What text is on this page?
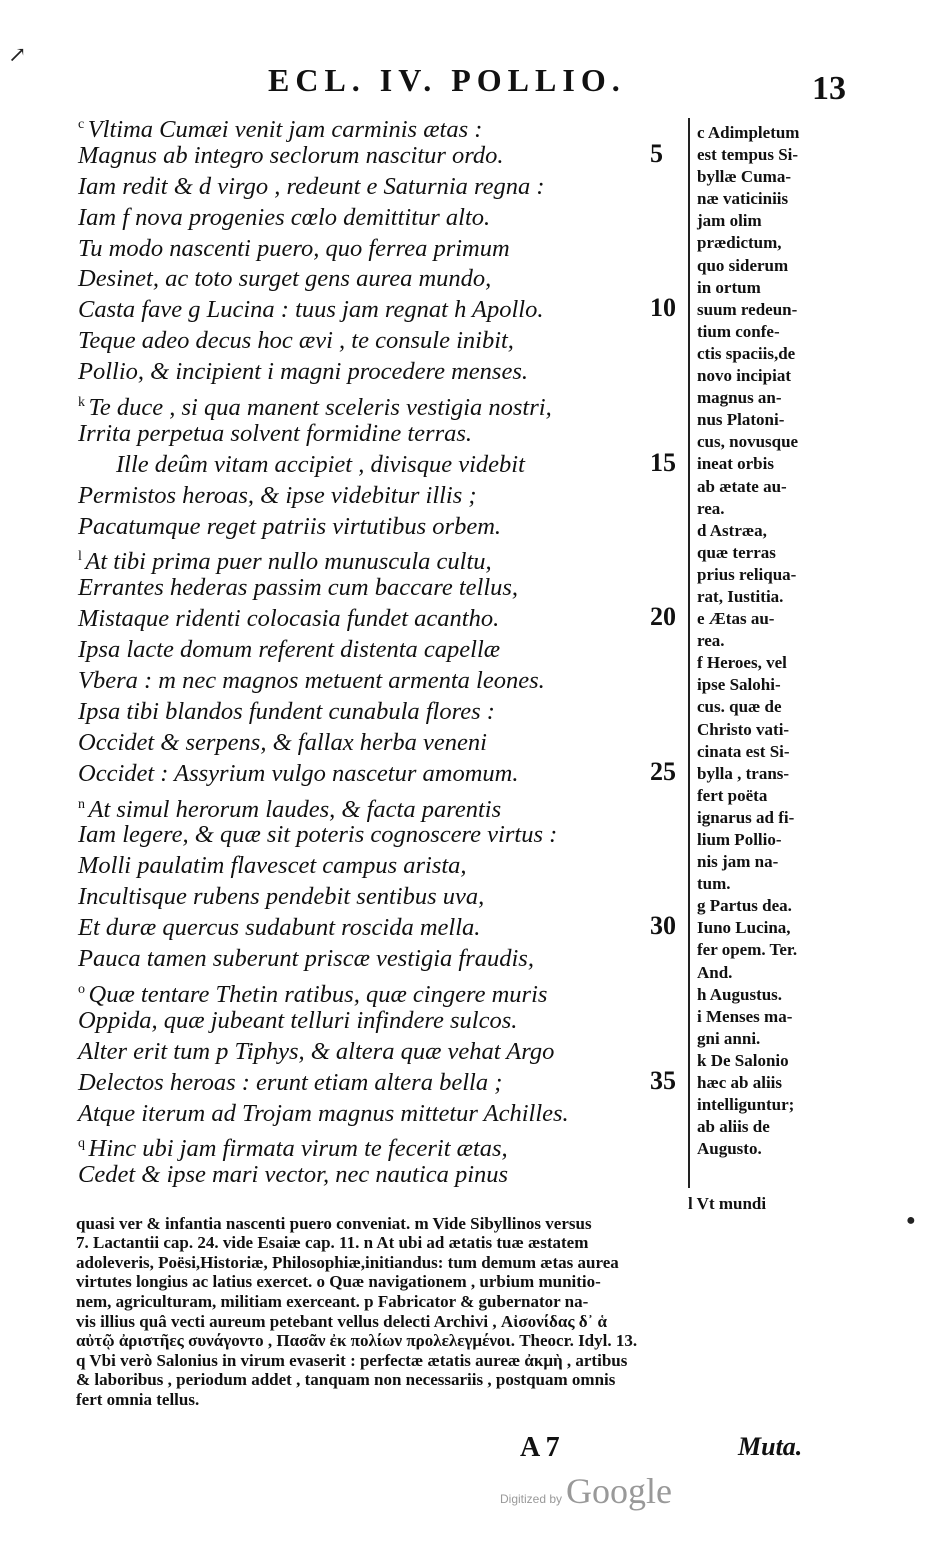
ECL. IV. POLLIO.	13
$^c$ Vltima Cumæi venit jam carminis ætas :
Magnus ab integro seclorum nascitur ordo.
Iam redit & d virgo , redeunt e Saturnia regna :
Iam f nova progenies cœlo demittitur alto.
Tu modo nascenti puero, quo ferrea primum
Desinet, ac toto surget gens aurea mundo,
Casta fave g Lucina : tuus jam regnat h Apollo.
Teque adeo decus hoc ævi , te consule inibit,
Pollio, & incipient i magni procedere menses.
$^k$ Te duce , si qua manent sceleris vestigia nostri,
Irrita perpetua solvent formidine terras.
Ille deûm vitam accipiet , divisque videbit
Permistos heroas, & ipse videbitur illis ;
Pacatumque reget patriis virtutibus orbem.
$^l$ At tibi prima puer nullo munuscula cultu,
Errantes hederas passim cum baccare tellus,
Mistaque ridenti colocasia fundet acantho.
Ipsa lacte domum referent distenta capellæ
Vbera : m nec magnos metuent armenta leones.
Ipsa tibi blandos fundent cunabula flores :
Occidet & serpens, & fallax herba veneni
Occidet : Assyrium vulgo nascetur amomum.
$^n$ At simul herorum laudes, & facta parentis
Iam legere, & quæ sit poteris cognoscere virtus :
Molli paulatim flavescet campus arista,
Incultisque rubens pendebit sentibus uva,
Et duræ quercus sudabunt roscida mella.
Pauca tamen suberunt priscæ vestigia fraudis,
$^o$ Quæ tentare Thetin ratibus, quæ cingere muris
Oppida, quæ jubeant telluri infindere sulcos.
Alter erit tum p Tiphys, & altera quæ vehat Argo
Delectos heroas : erunt etiam altera bella ;
Atque iterum ad Trojam magnus mittetur Achilles.
$^q$ Hinc ubi jam firmata virum te fecerit ætas,
Cedet & ipse mari vector, nec nautica pinus
5
10
15
20
25
30
35
c Adimpletum
est tempus Si-
byllæ Cuma-
næ vaticiniis
jam olim
prædictum,
quo siderum
in ortum
suum redeun-
tium confe-
ctis spaciis,de
novo incipiat
magnus an-
nus Platoni-
cus, novusque
ineat orbis
ab ætate au-
rea.
d Astræa,
quæ terras
prius reliqua-
rat, Iustitia.
e Ætas au-
rea.
f Heroes, vel
ipse Salohi-
cus. quæ de
Christo vati-
cinata est Si-
bylla , trans-
fert poëta
ignarus ad fi-
lium Pollio-
nis jam na-
tum.
g Partus dea.
Iuno Lucina,
fer opem. Ter.
And.
h Augustus.
i Menses ma-
gni anni.
k De Salonio
hæc ab aliis
intelliguntur;
ab aliis de
Augusto.
l Vt mundi
quasi ver & infantia nascenti puero conveniat. m Vide Sibyllinos versus
7. Lactantii cap. 24. vide Esaiæ cap. 11. n At ubi ad ætatis tuæ æstatem
adoleveris, Poësi,Historiæ, Philosophiæ,initiandus: tum demum ætas aurea
virtutes longius ac latius exercet. o Quæ navigationem , urbium munitio-
nem, agriculturam, militiam exerceant. p Fabricator & gubernator na-
vis illius quâ vecti aureum petebant vellus delecti Archivi , Αἰσονίδας δ᾽ ἁ
αὐτῷ ἀριστῆες συνάγοντο , Πασᾶν ἐκ πολίων προλελεγμένοι. Theocr. Idyl. 13.
q Vbi verò Salonius in virum evaserit : perfectæ ætatis aureæ ἀκμὴ , artibus
& laboribus , periodum addet , tanquam non necessariis , postquam omnis
fert omnia tellus.
A 7	Muta.
Digitized by Google
↗
●
